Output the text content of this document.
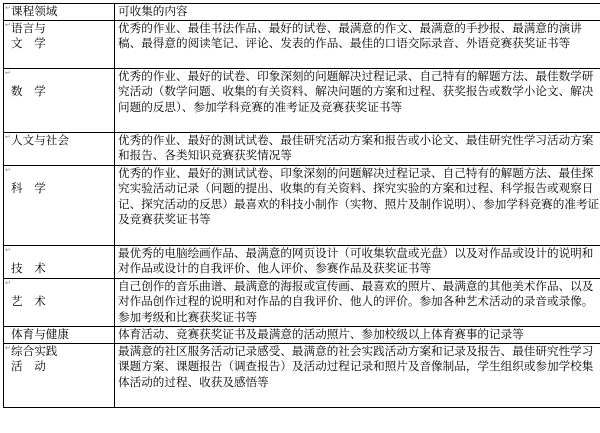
↵ 课程领域	可收集的内容

↵ 语言与
文　学	优秀的作业、最佳书法作品、最好的试卷、最满意的作文、最满意的手抄报、最满意的演讲稿、最得意的阅读笔记、评论、发表的作品、最佳的口语交际录音、外语竞赛获奖证书等

↵

数　学	优秀的作业、最好的试卷、印象深刻的问题解决过程记录、自己特有的解题方法、最佳数学研究活动（数学问题、收集的有关资料、解决问题的方案和过程、获奖报告或数学小论文、解决问题的反思）、参加学科竞赛的准考证及竞赛获奖证书等

↵ 人文与社会	优秀的作业、最好的测试试卷、最佳研究活动方案和报告或小论文、最佳研究性学习活动方案和报告、各类知识竞赛获奖情况等

↵

科　学	优秀的作业、最好的测试试卷、印象深刻的问题解决过程记录、自己特有的解题方法、最佳探究实验活动记录（问题的提出、收集的有关资料、探究实验的方案和过程、科学报告或观察日记、探究活动的反思）最喜欢的科技小制作（实物、照片及制作说明）、参加学科竞赛的准考证及竞赛获奖证书等

↵

技　术	最优秀的电脑绘画作品、最满意的网页设计（可收集软盘或光盘）以及对作品或设计的说明和对作品或设计的自我评价、他人评价、参赛作品及获奖证书等

↵

艺　术	自己创作的音乐曲谱、最满意的海报或宣传画、最喜欢的照片、最满意的其他美术作品、以及对作品创作过程的说明和对作品的自我评价、他人的评价。参加各种艺术活动的录音或录像。参加考级和比赛获奖证书等

体育与健康	体育活动、竞赛获奖证书及最满意的活动照片、参加校级以上体育赛事的记录等

↵ 综合实践
活　动	最满意的社区服务活动记录感受、最满意的社会实践活动方案和记录及报告、最佳研究性学习课题方案、课题报告（调查报告）及活动过程记录和照片及音像制品，学生组织或参加学校集体活动的过程、收获及感悟等
